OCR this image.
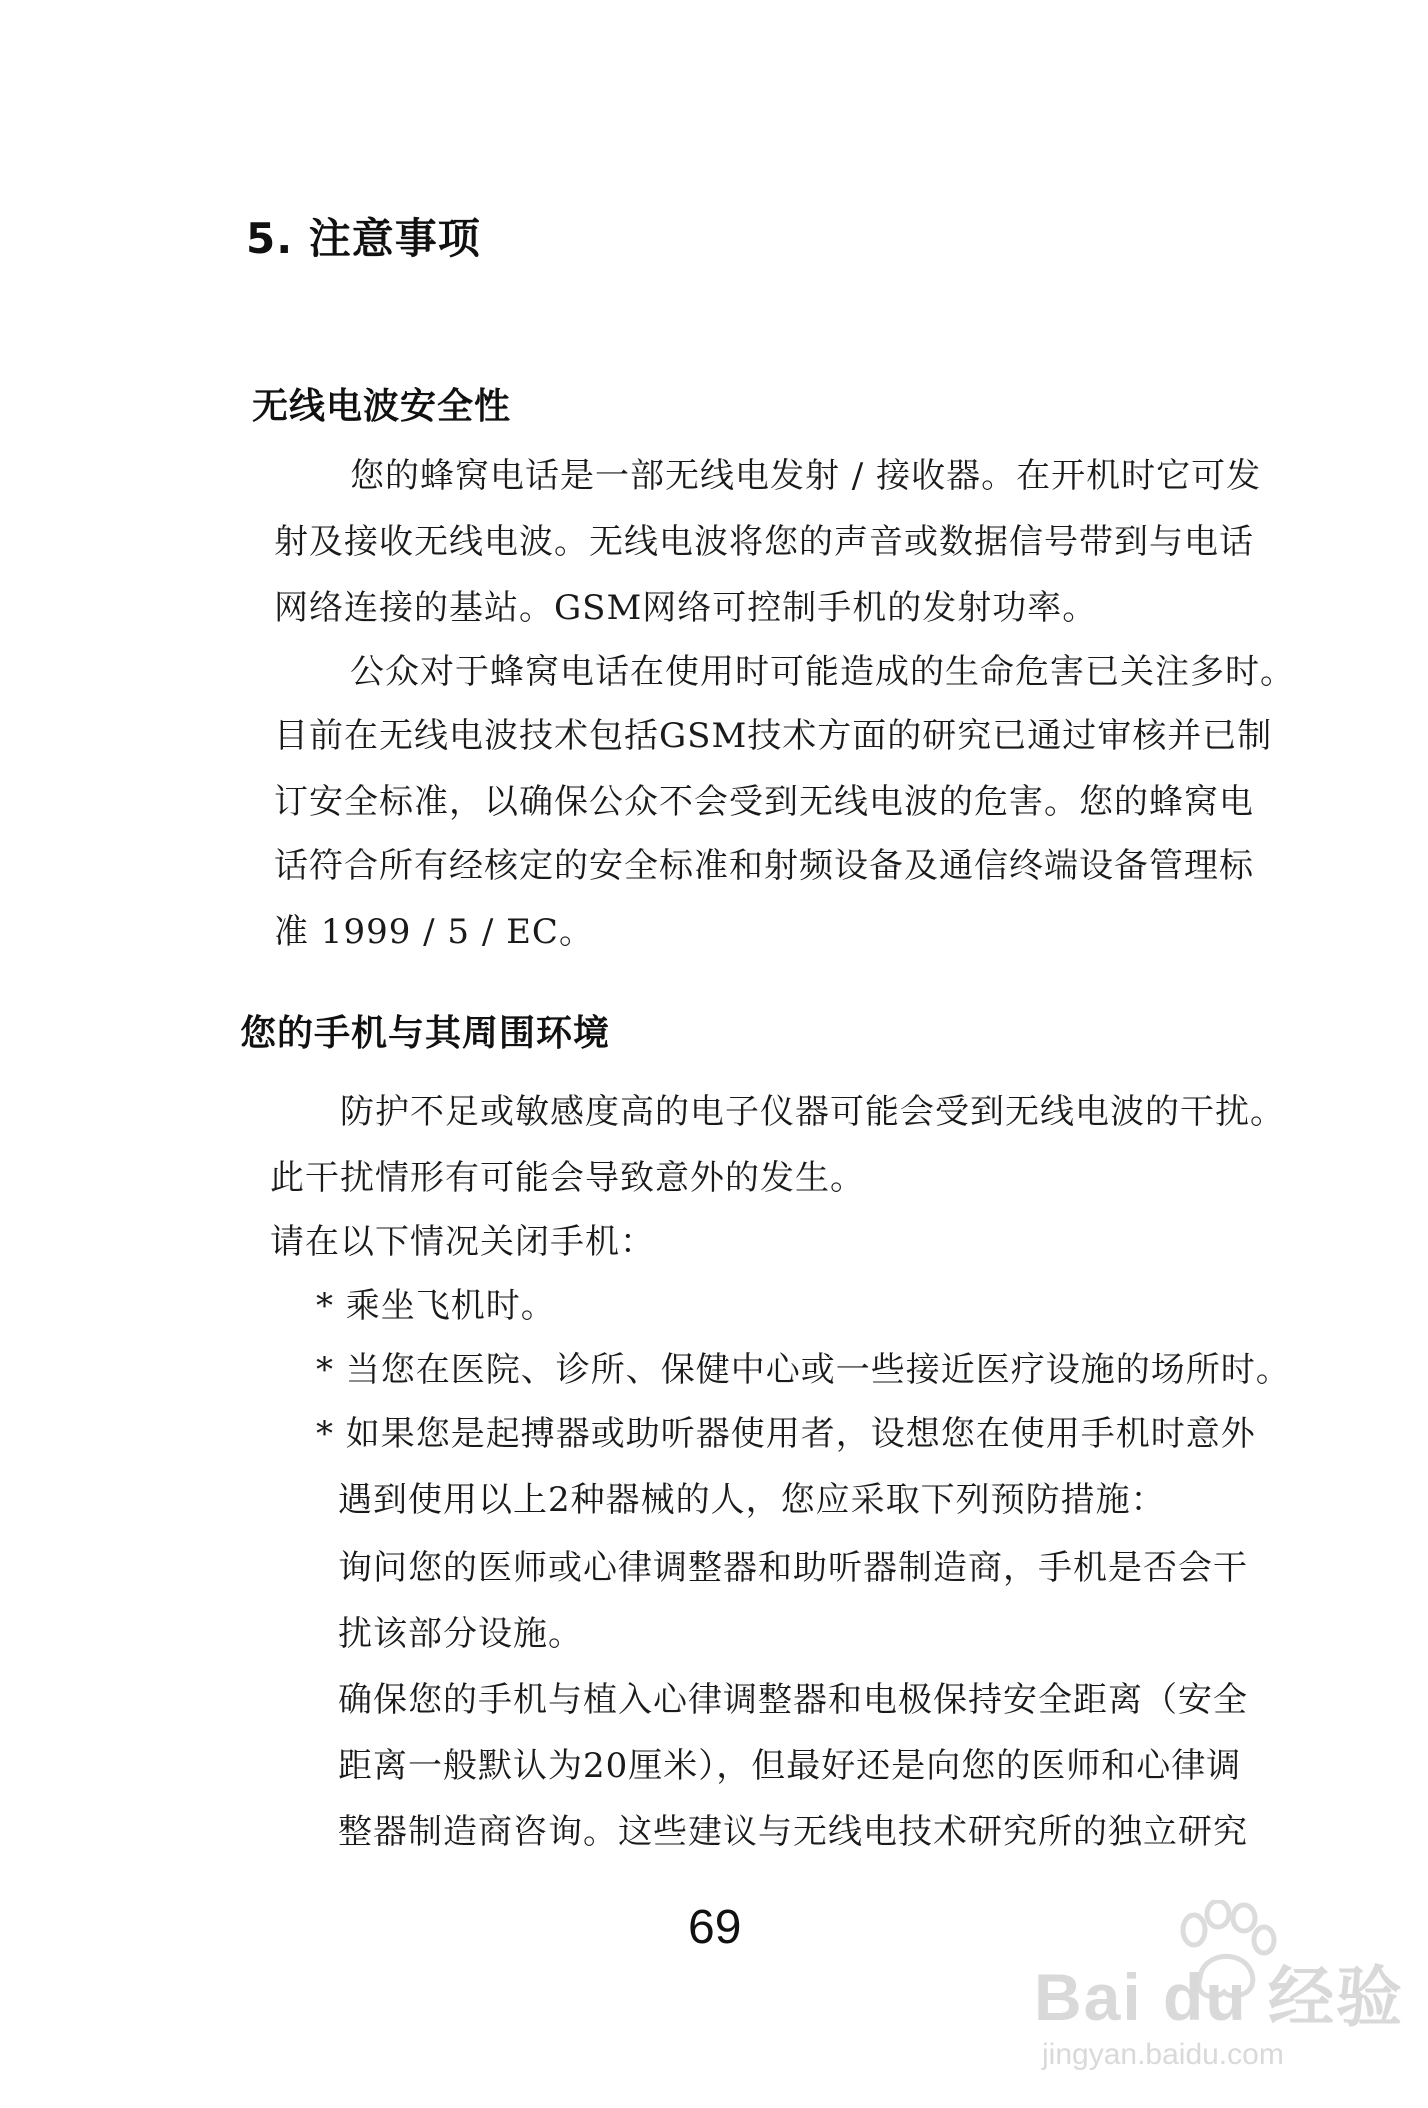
5. 注意事项
无线电波安全性
您的蜂窝电话是一部无线电发射 / 接收器。在开机时它可发
射及接收无线电波。无线电波将您的声音或数据信号带到与电话
网络连接的基站。GSM网络可控制手机的发射功率。
公众对于蜂窝电话在使用时可能造成的生命危害已关注多时。
目前在无线电波技术包括GSM技术方面的研究已通过审核并已制
订安全标准，以确保公众不会受到无线电波的危害。您的蜂窝电
话符合所有经核定的安全标准和射频设备及通信终端设备管理标
准 1999 / 5 / EC。
您的手机与其周围环境
防护不足或敏感度高的电子仪器可能会受到无线电波的干扰。
此干扰情形有可能会导致意外的发生。
请在以下情况关闭手机：
* 乘坐飞机时。
* 当您在医院、诊所、保健中心或一些接近医疗设施的场所时。
* 如果您是起搏器或助听器使用者，设想您在使用手机时意外
遇到使用以上2种器械的人，您应采取下列预防措施：
询问您的医师或心律调整器和助听器制造商，手机是否会干
扰该部分设施。
确保您的手机与植入心律调整器和电极保持安全距离（安全
距离一般默认为20厘米），但最好还是向您的医师和心律调
整器制造商咨询。这些建议与无线电技术研究所的独立研究
69
Bai du 经验
jingyan.baidu.com
